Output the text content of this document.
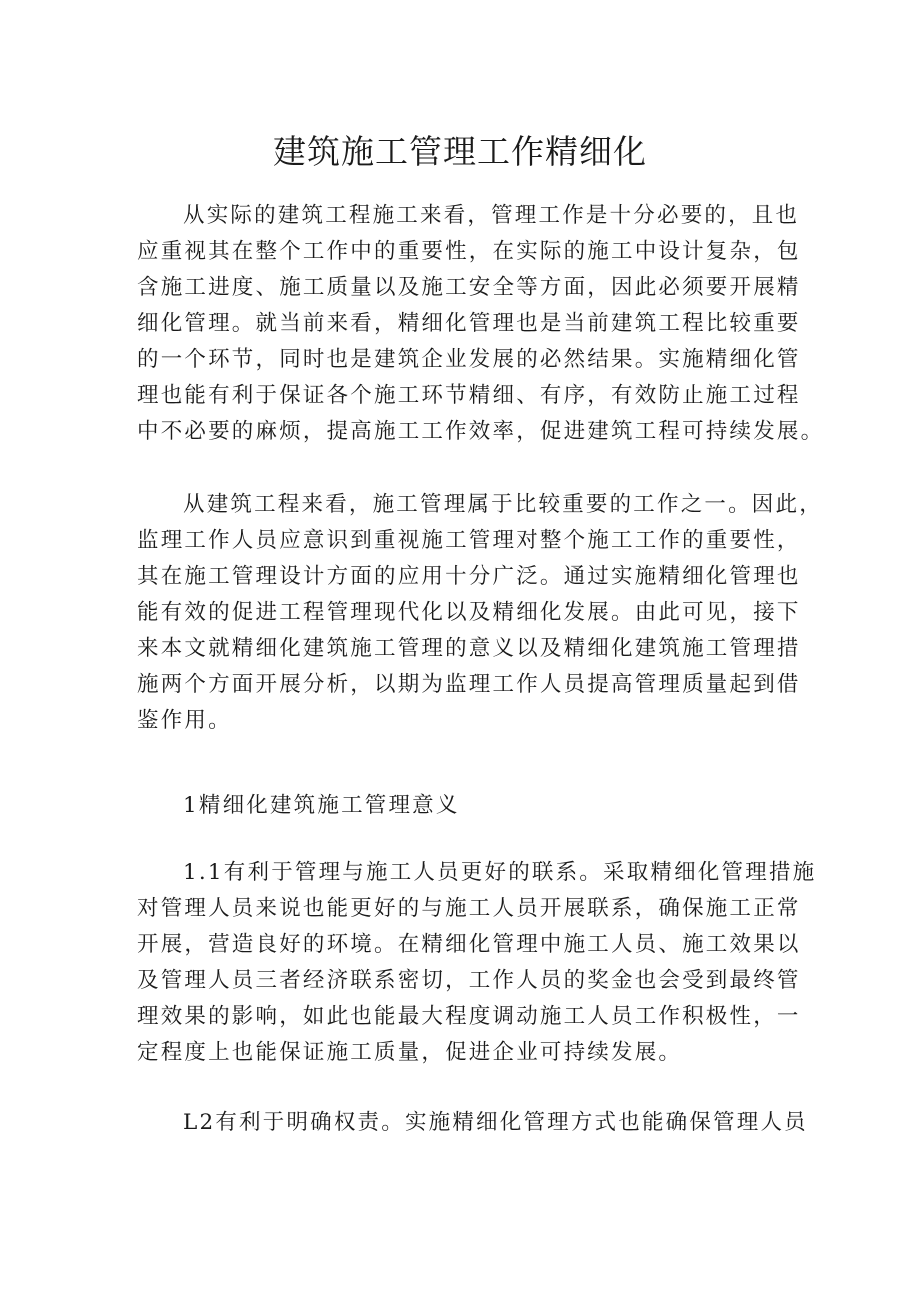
建筑施工管理工作精细化

从实际的建筑工程施工来看，管理工作是十分必要的，且也
应重视其在整个工作中的重要性，在实际的施工中设计复杂，包
含施工进度、施工质量以及施工安全等方面，因此必须要开展精
细化管理。就当前来看，精细化管理也是当前建筑工程比较重要
的一个环节，同时也是建筑企业发展的必然结果。实施精细化管
理也能有利于保证各个施工环节精细、有序，有效防止施工过程
中不必要的麻烦，提高施工工作效率，促进建筑工程可持续发展。

从建筑工程来看，施工管理属于比较重要的工作之一。因此，
监理工作人员应意识到重视施工管理对整个施工工作的重要性，
其在施工管理设计方面的应用十分广泛。通过实施精细化管理也
能有效的促进工程管理现代化以及精细化发展。由此可见，接下
来本文就精细化建筑施工管理的意义以及精细化建筑施工管理措
施两个方面开展分析，以期为监理工作人员提高管理质量起到借
鉴作用。

1精细化建筑施工管理意义

1.1有利于管理与施工人员更好的联系。采取精细化管理措施
对管理人员来说也能更好的与施工人员开展联系，确保施工正常
开展，营造良好的环境。在精细化管理中施工人员、施工效果以
及管理人员三者经济联系密切，工作人员的奖金也会受到最终管
理效果的影响，如此也能最大程度调动施工人员工作积极性，一
定程度上也能保证施工质量，促进企业可持续发展。

L2有利于明确权责。实施精细化管理方式也能确保管理人员
